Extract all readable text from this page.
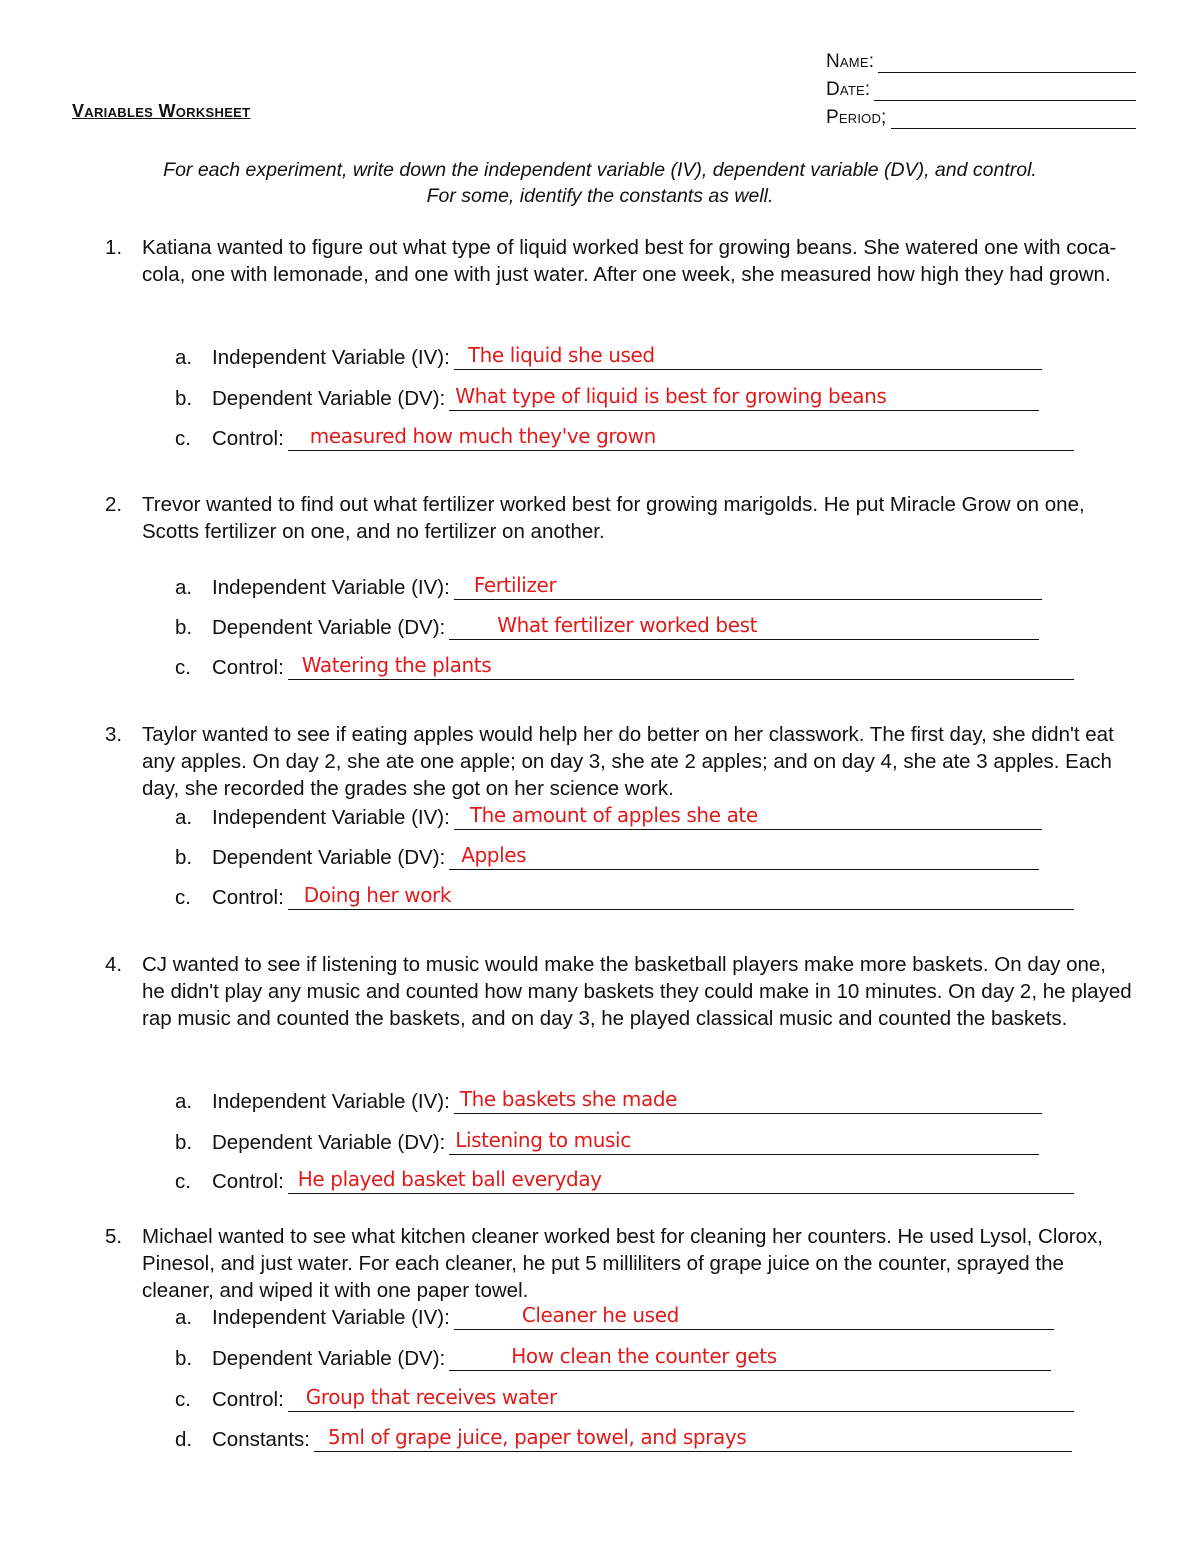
Name:
Date:
Period;
Variables Worksheet
For each experiment, write down the independent variable (IV), dependent variable (DV), and control.
For some, identify the constants as well.
1. Katiana wanted to figure out what type of liquid worked best for growing beans. She watered one with coca-cola, one with lemonade, and one with just water. After one week, she measured how high they had grown.
a. Independent Variable (IV): The liquid she used
b. Dependent Variable (DV): What type of liquid is best for growing beans
c.	Control: measured how much they've grown
2. Trevor wanted to find out what fertilizer worked best for growing marigolds. He put Miracle Grow on one, Scotts fertilizer on one, and no fertilizer on another.
a. Independent Variable (IV): Fertilizer
b. Dependent Variable (DV):	What fertilizer worked best
c.	Control: Watering the plants
3. Taylor wanted to see if eating apples would help her do better on her classwork. The first day, she didn't eat any apples. On day 2, she ate one apple; on day 3, she ate 2 apples; and on day 4, she ate 3 apples. Each day, she recorded the grades she got on her science work.
a. Independent Variable (IV): The amount of apples she ate
b. Dependent Variable (DV): Apples
c.	Control: Doing her work
4. CJ wanted to see if listening to music would make the basketball players make more baskets. On day one, he didn't play any music and counted how many baskets they could make in 10 minutes. On day 2, he played rap music and counted the baskets, and on day 3, he played classical music and counted the baskets.
a. Independent Variable (IV): The baskets she made
b. Dependent Variable (DV): Listening to music
c.	Control: He played basket ball everyday
5. Michael wanted to see what kitchen cleaner worked best for cleaning her counters. He used Lysol, Clorox, Pinesol, and just water. For each cleaner, he put 5 milliliters of grape juice on the counter, sprayed the cleaner, and wiped it with one paper towel.
a. Independent Variable (IV):	Cleaner he used
b. Dependent Variable (DV):	How clean the counter gets
c.	Control: Group that receives water
d. Constants: 5ml of grape juice, paper towel, and sprays
